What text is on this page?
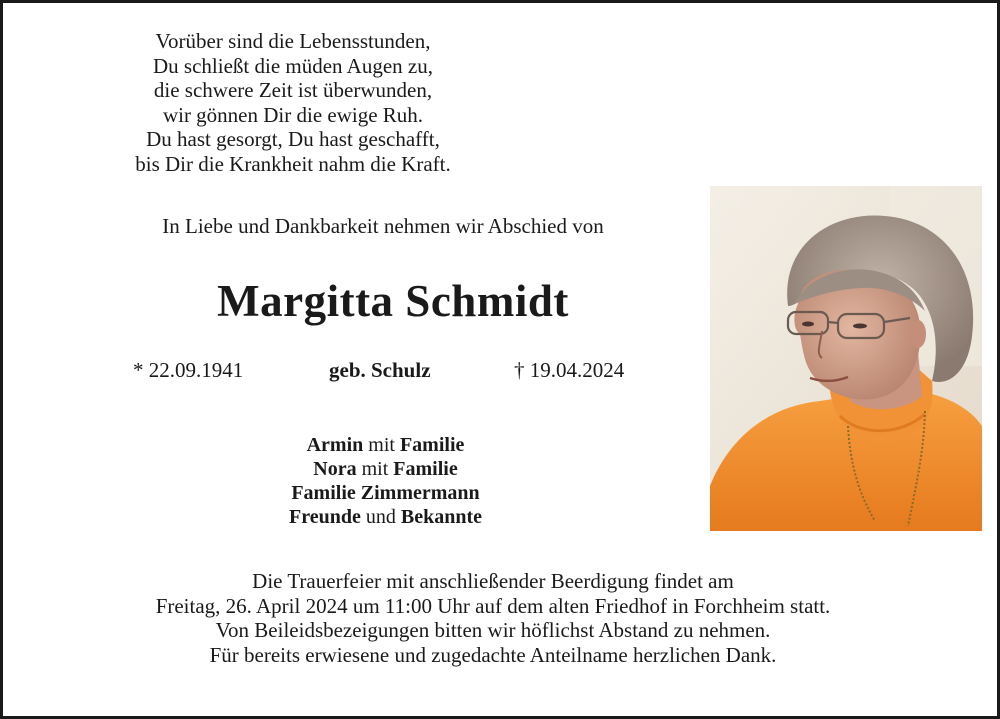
Vorüber sind die Lebensstunden,
Du schließt die müden Augen zu,
die schwere Zeit ist überwunden,
wir gönnen Dir die ewige Ruh.
Du hast gesorgt, Du hast geschafft,
bis Dir die Krankheit nahm die Kraft.
In Liebe und Dankbarkeit nehmen wir Abschied von
Margitta Schmidt
* 22.09.1941	geb. Schulz	† 19.04.2024
Armin mit Familie
Nora mit Familie
Familie Zimmermann
Freunde und Bekannte
Die Trauerfeier mit anschließender Beerdigung findet am
Freitag, 26. April 2024 um 11:00 Uhr auf dem alten Friedhof in Forchheim statt.
Von Beileidsbezeigungen bitten wir höflichst Abstand zu nehmen.
Für bereits erwiesene und zugedachte Anteilname herzlichen Dank.
